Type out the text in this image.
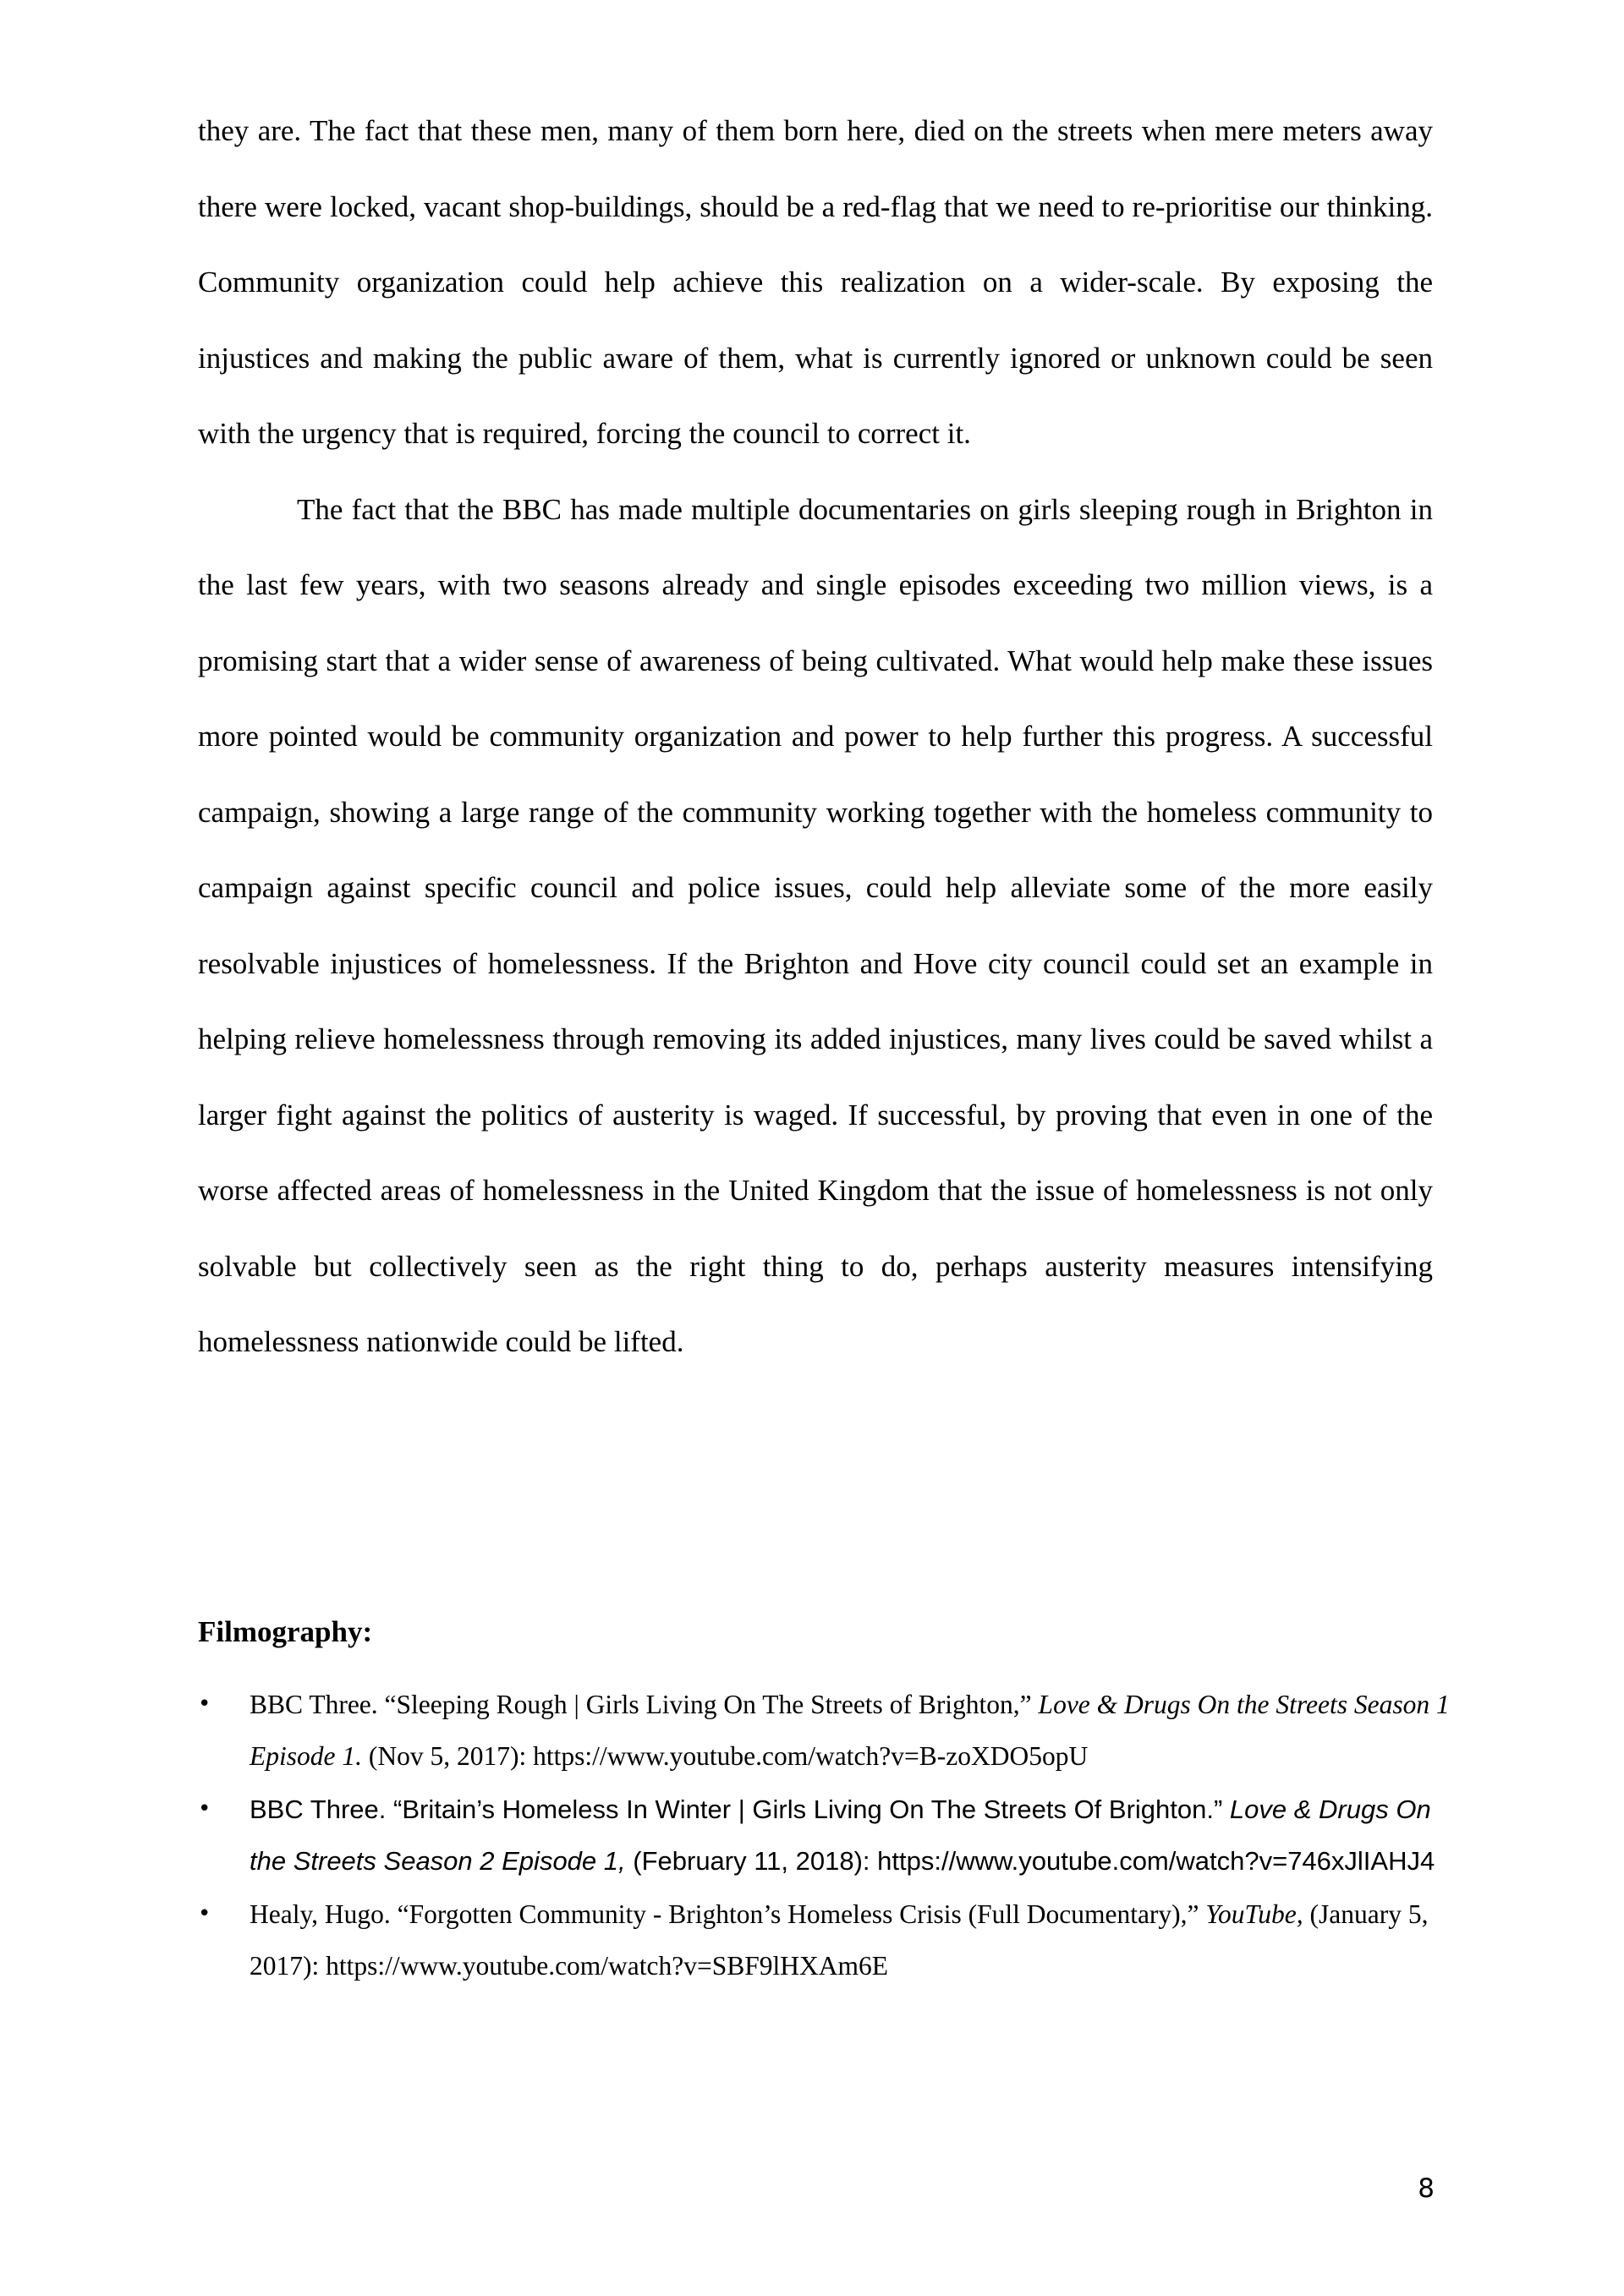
they are. The fact that these men, many of them born here, died on the streets when mere meters away there were locked, vacant shop-buildings, should be a red-flag that we need to re-prioritise our thinking. Community organization could help achieve this realization on a wider-scale. By exposing the injustices and making the public aware of them, what is currently ignored or unknown could be seen with the urgency that is required, forcing the council to correct it.

The fact that the BBC has made multiple documentaries on girls sleeping rough in Brighton in the last few years, with two seasons already and single episodes exceeding two million views, is a promising start that a wider sense of awareness of being cultivated. What would help make these issues more pointed would be community organization and power to help further this progress. A successful campaign, showing a large range of the community working together with the homeless community to campaign against specific council and police issues, could help alleviate some of the more easily resolvable injustices of homelessness. If the Brighton and Hove city council could set an example in helping relieve homelessness through removing its added injustices, many lives could be saved whilst a larger fight against the politics of austerity is waged. If successful, by proving that even in one of the worse affected areas of homelessness in the United Kingdom that the issue of homelessness is not only solvable but collectively seen as the right thing to do, perhaps austerity measures intensifying homelessness nationwide could be lifted.

Filmography:
• BBC Three. “Sleeping Rough | Girls Living On The Streets of Brighton,” Love & Drugs On the Streets Season 1 Episode 1. (Nov 5, 2017): https://www.youtube.com/watch?v=B-zoXDO5opU
• BBC Three. “Britain’s Homeless In Winter | Girls Living On The Streets Of Brighton.” Love & Drugs On the Streets Season 2 Episode 1, (February 11, 2018): https://www.youtube.com/watch?v=746xJlIAHJ4
• Healy, Hugo. “Forgotten Community - Brighton’s Homeless Crisis (Full Documentary),” YouTube, (January 5, 2017): https://www.youtube.com/watch?v=SBF9lHXAm6E
8
